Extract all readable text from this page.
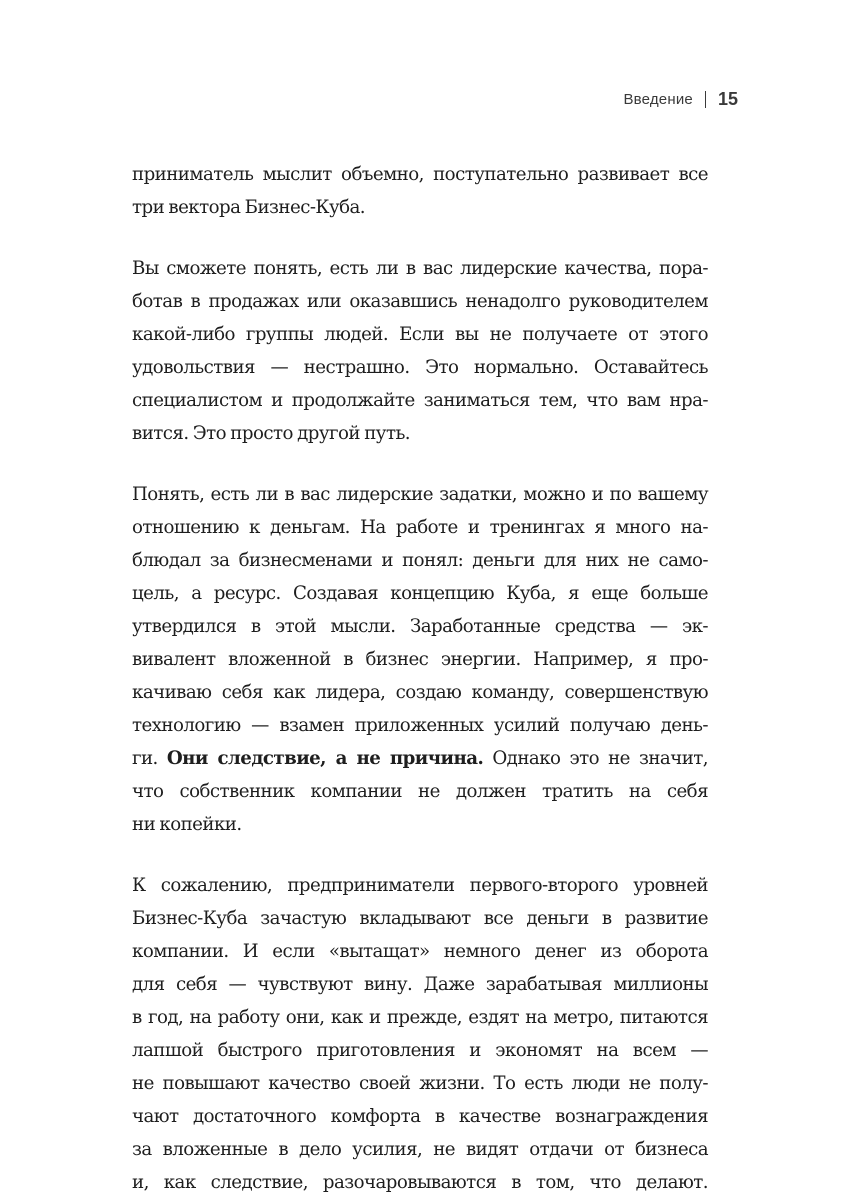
Введение 15
приниматель мыслит объемно, поступательно развивает все
три вектора Бизнес-Куба.
Вы сможете понять, есть ли в вас лидерские качества, пора-
ботав в продажах или оказавшись ненадолго руководителем
какой-либо группы людей. Если вы не получаете от этого
удовольствия — нестрашно. Это нормально. Оставайтесь
специалистом и продолжайте заниматься тем, что вам нра-
вится. Это просто другой путь.
Понять, есть ли в вас лидерские задатки, можно и по вашему
отношению к деньгам. На работе и тренингах я много на-
блюдал за бизнесменами и понял: деньги для них не само-
цель, а ресурс. Создавая концепцию Куба, я еще больше
утвердился в этой мысли. Заработанные средства — эк-
вивалент вложенной в бизнес энергии. Например, я про-
качиваю себя как лидера, создаю команду, совершенствую
технологию — взамен приложенных усилий получаю день-
ги. Они следствие, а не причина. Однако это не значит,
что собственник компании не должен тратить на себя
ни копейки.
К сожалению, предприниматели первого-второго уровней
Бизнес-Куба зачастую вкладывают все деньги в развитие
компании. И если «вытащат» немного денег из оборота
для себя — чувствуют вину. Даже зарабатывая миллионы
в год, на работу они, как и прежде, ездят на метро, питаются
лапшой быстрого приготовления и экономят на всем —
не повышают качество своей жизни. То есть люди не полу-
чают достаточного комфорта в качестве вознаграждения
за вложенные в дело усилия, не видят отдачи от бизнеса
и, как следствие, разочаровываются в том, что делают.
